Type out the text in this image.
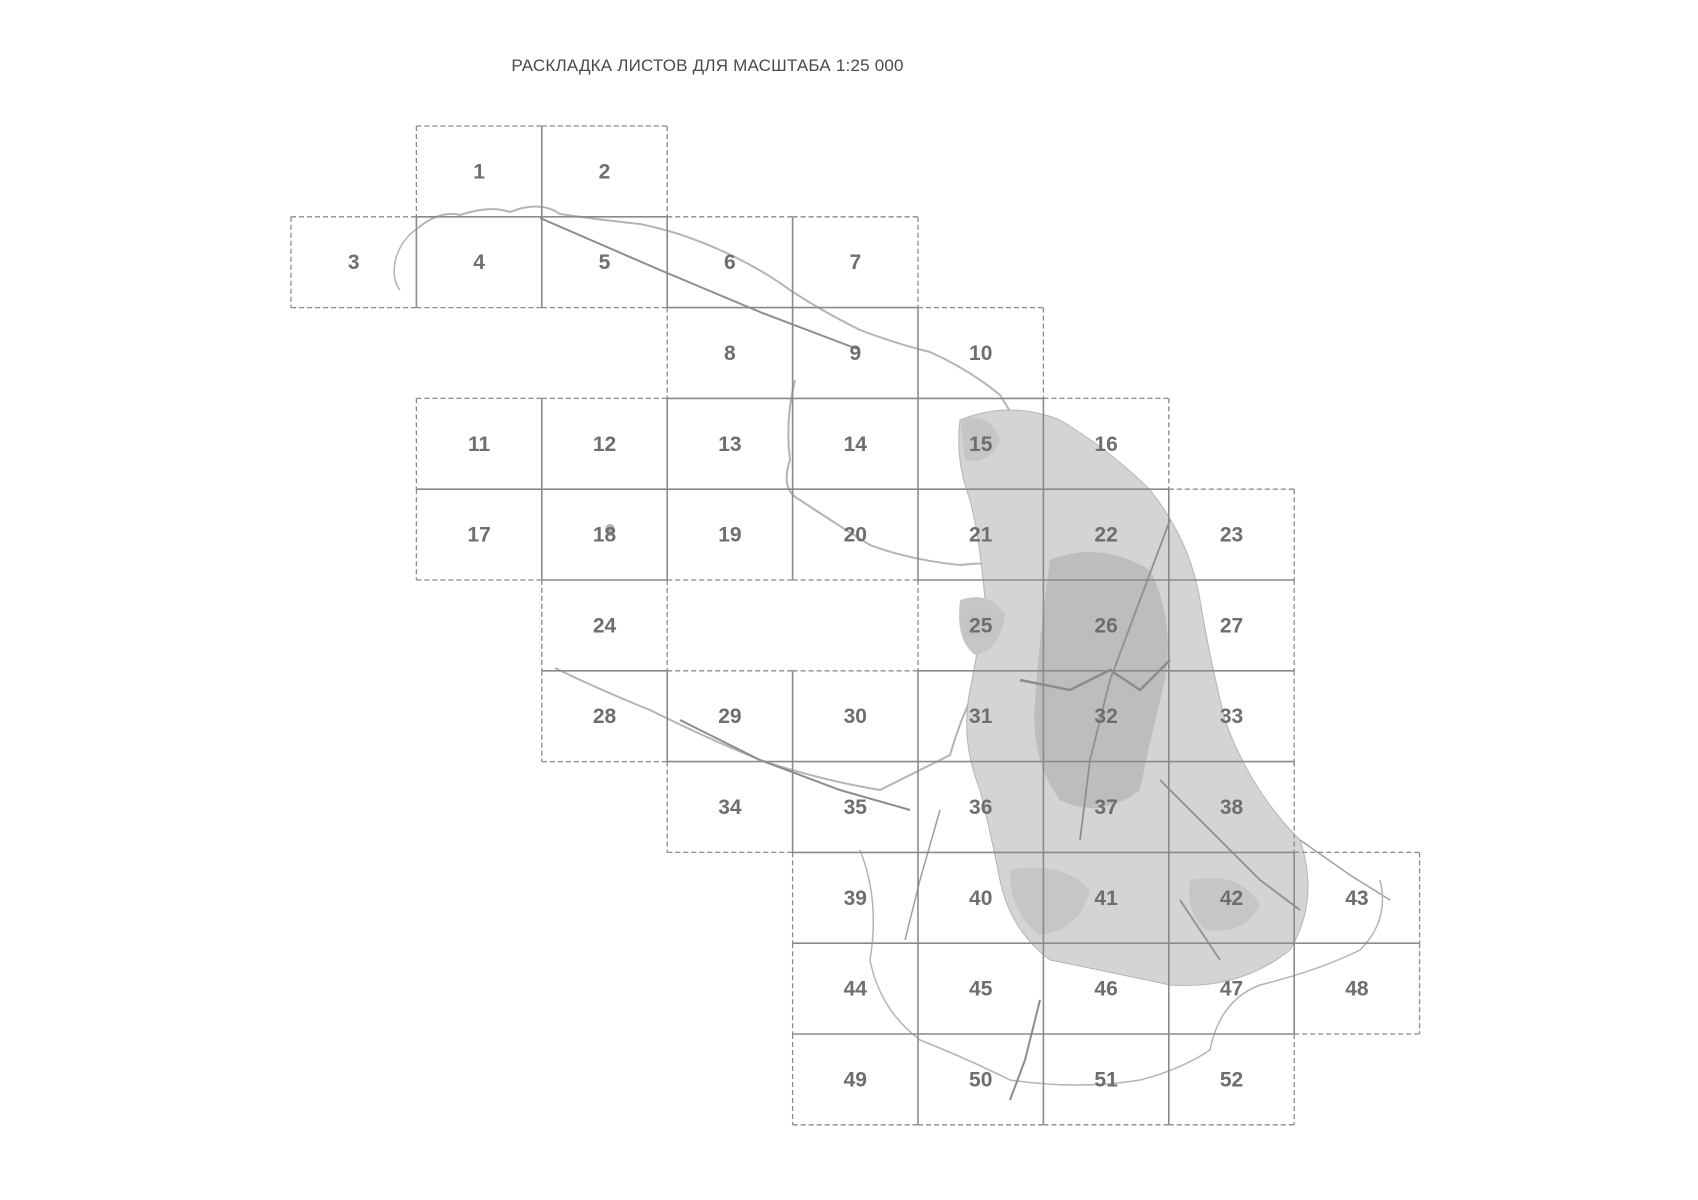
РАСКЛАДКА ЛИСТОВ ДЛЯ МАСШТАБА 1:25 000
1	2
3	4	5	6	7
8	9	10
11	12	13	14	15	16
17	18	19	20	21	22	23
24	25	26	27
28	29	30	31	32	33
34	35	36	37	38
39	40	41	42	43
44	45	46	47	48
49	50	51	52
